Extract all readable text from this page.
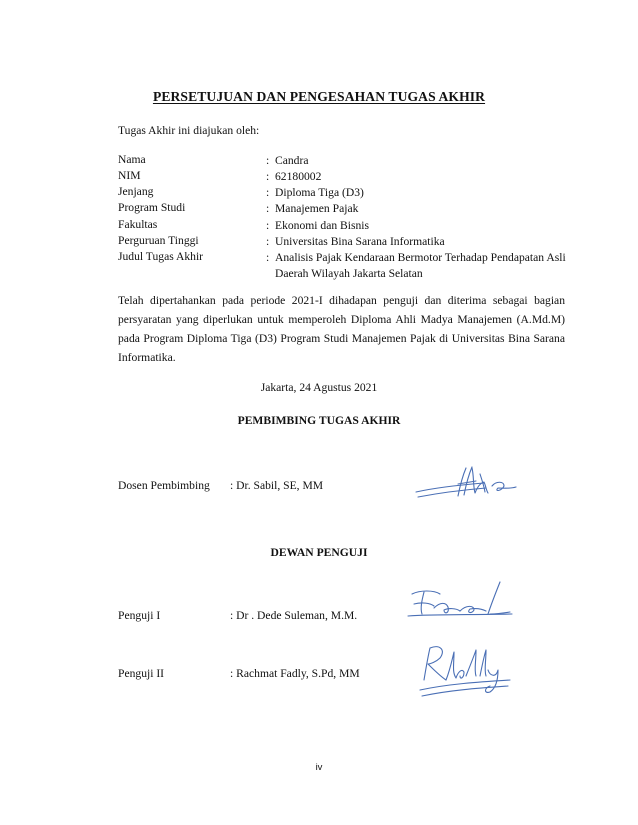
PERSETUJUAN DAN PENGESAHAN TUGAS AKHIR
Tugas Akhir ini diajukan oleh:
Nama	: Candra
NIM	: 62180002
Jenjang	: Diploma Tiga (D3)
Program Studi	: Manajemen Pajak
Fakultas	: Ekonomi dan Bisnis
Perguruan Tinggi	: Universitas Bina Sarana Informatika
Judul Tugas Akhir	: Analisis Pajak Kendaraan Bermotor Terhadap Pendapatan Asli Daerah Wilayah Jakarta Selatan
Telah dipertahankan pada periode 2021-I dihadapan penguji dan diterima sebagai bagian persyaratan yang diperlukan untuk memperoleh Diploma Ahli Madya Manajemen (A.Md.M) pada Program Diploma Tiga (D3) Program Studi Manajemen Pajak di Universitas Bina Sarana Informatika.
Jakarta, 24 Agustus 2021
PEMBIMBING TUGAS AKHIR
Dosen Pembimbing : Dr. Sabil, SE, MM
DEWAN PENGUJI
Penguji I	: Dr . Dede Suleman, M.M.
Penguji II	: Rachmat Fadly, S.Pd, MM
iv
